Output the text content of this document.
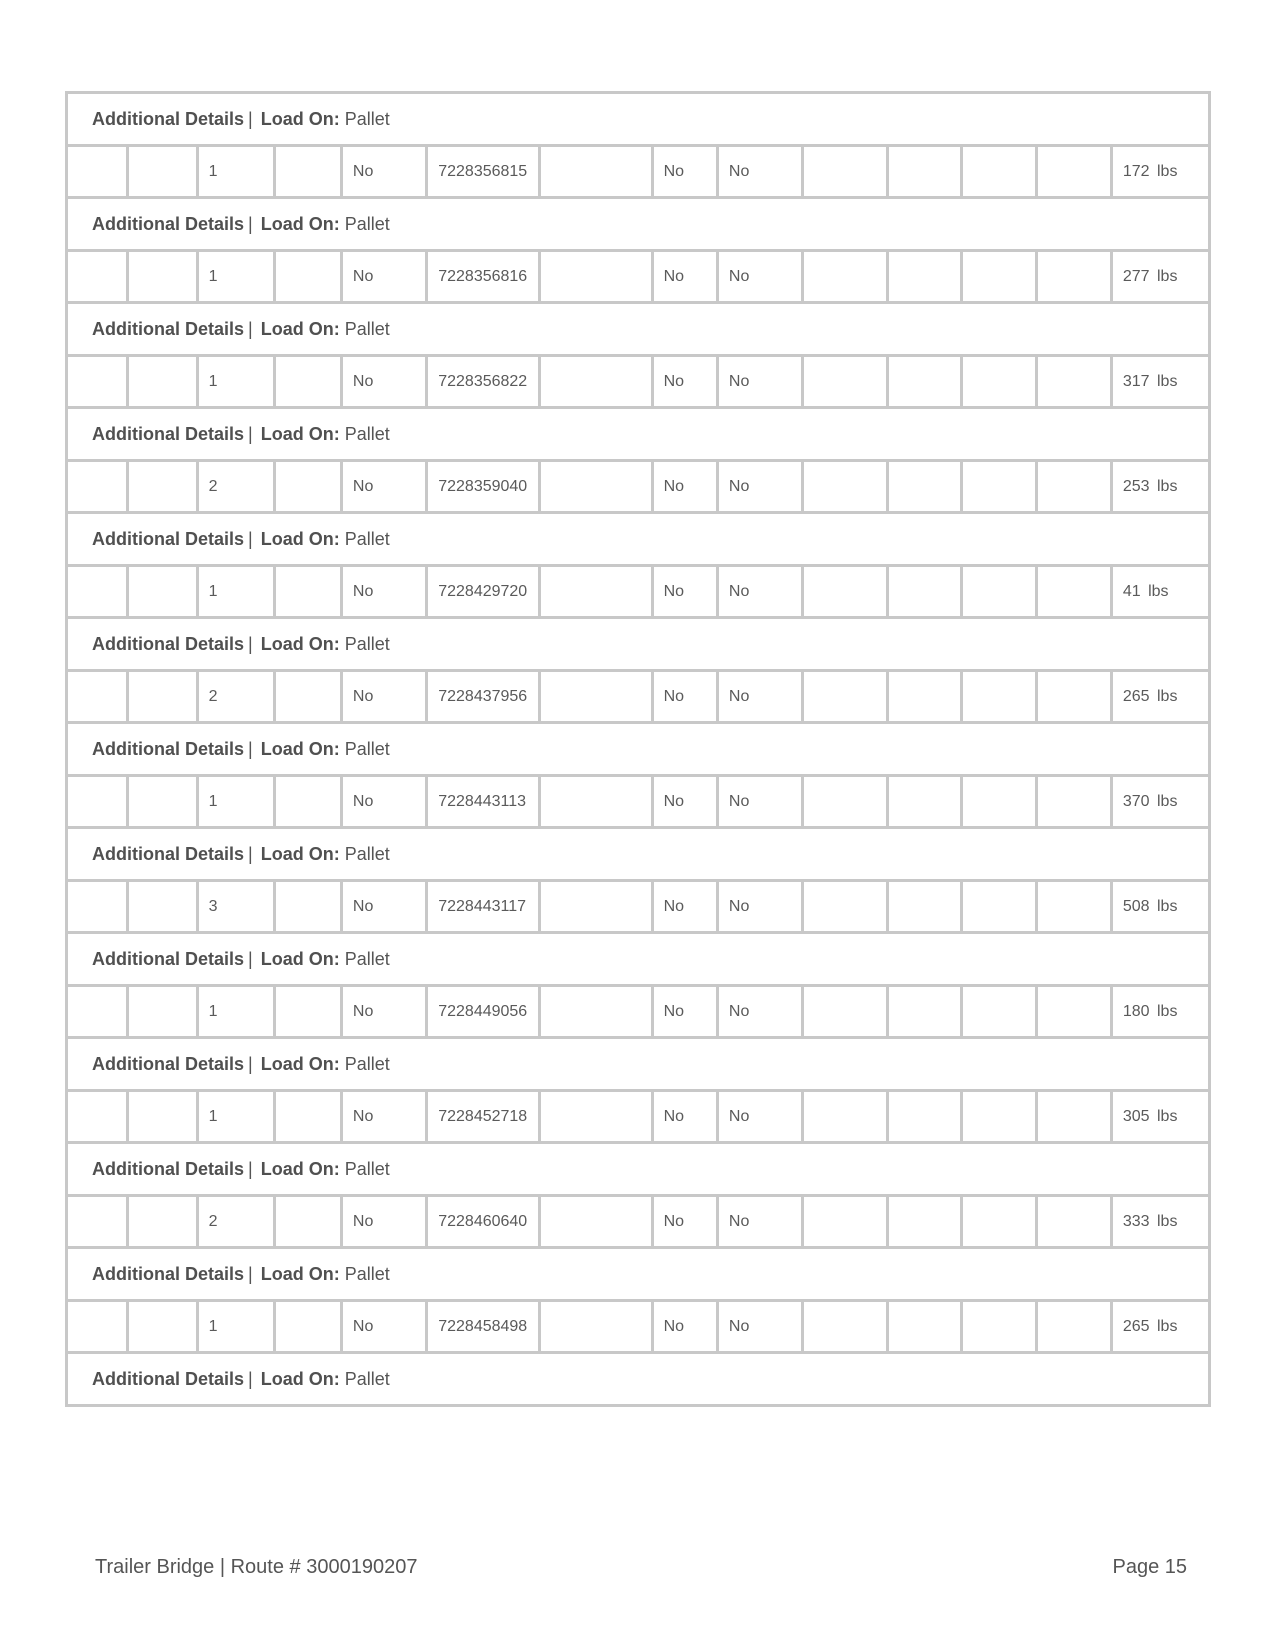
Additional Details | Load On: Pallet													
		1		No	7228356815		No	No					172 lbs
Additional Details | Load On: Pallet													
		1		No	7228356816		No	No					277 lbs
Additional Details | Load On: Pallet													
		1		No	7228356822		No	No					317 lbs
Additional Details | Load On: Pallet													
		2		No	7228359040		No	No					253 lbs
Additional Details | Load On: Pallet													
		1		No	7228429720		No	No					41 lbs
Additional Details | Load On: Pallet													
		2		No	7228437956		No	No					265 lbs
Additional Details | Load On: Pallet													
		1		No	7228443113		No	No					370 lbs
Additional Details | Load On: Pallet													
		3		No	7228443117		No	No					508 lbs
Additional Details | Load On: Pallet													
		1		No	7228449056		No	No					180 lbs
Additional Details | Load On: Pallet													
		1		No	7228452718		No	No					305 lbs
Additional Details | Load On: Pallet													
		2		No	7228460640		No	No					333 lbs
Additional Details | Load On: Pallet													
		1		No	7228458498		No	No					265 lbs
Additional Details | Load On: Pallet													
Trailer Bridge | Route # 3000190207	Page 15
